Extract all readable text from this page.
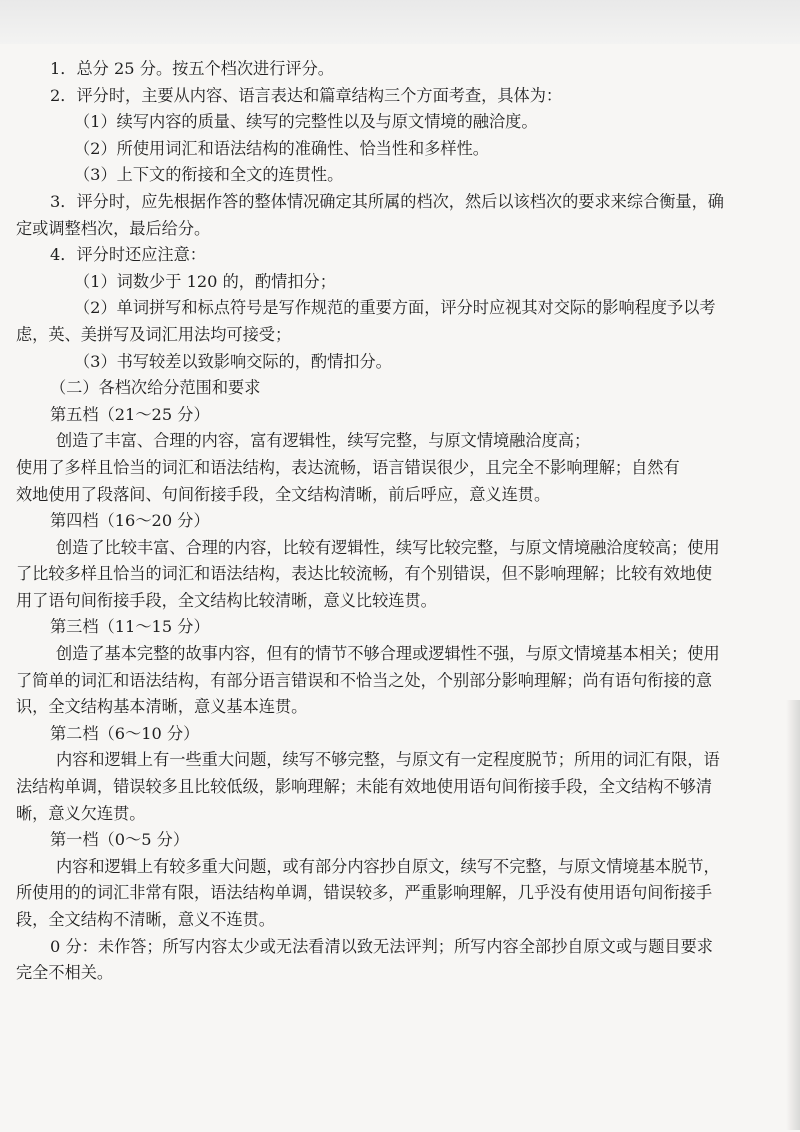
1．总分 25 分。按五个档次进行评分。
2．评分时，主要从内容、语言表达和篇章结构三个方面考查，具体为：
（1）续写内容的质量、续写的完整性以及与原文情境的融洽度。
（2）所使用词汇和语法结构的准确性、恰当性和多样性。
（3）上下文的衔接和全文的连贯性。
3．评分时，应先根据作答的整体情况确定其所属的档次，然后以该档次的要求来综合衡量，确
定或调整档次，最后给分。
4．评分时还应注意：
（1）词数少于 120 的，酌情扣分；
（2）单词拼写和标点符号是写作规范的重要方面，评分时应视其对交际的影响程度予以考
虑，英、美拼写及词汇用法均可接受；
（3）书写较差以致影响交际的，酌情扣分。
（二）各档次给分范围和要求
第五档（21～25 分）
创造了丰富、合理的内容，富有逻辑性，续写完整，与原文情境融洽度高；
使用了多样且恰当的词汇和语法结构，表达流畅，语言错误很少，且完全不影响理解；自然有
效地使用了段落间、句间衔接手段，全文结构清晰，前后呼应，意义连贯。
第四档（16～20 分）
创造了比较丰富、合理的内容，比较有逻辑性，续写比较完整，与原文情境融洽度较高；使用
了比较多样且恰当的词汇和语法结构，表达比较流畅，有个别错误，但不影响理解；比较有效地使
用了语句间衔接手段，全文结构比较清晰，意义比较连贯。
第三档（11～15 分）
创造了基本完整的故事内容，但有的情节不够合理或逻辑性不强，与原文情境基本相关；使用
了简单的词汇和语法结构，有部分语言错误和不恰当之处，个别部分影响理解；尚有语句衔接的意
识，全文结构基本清晰，意义基本连贯。
第二档（6～10 分）
内容和逻辑上有一些重大问题，续写不够完整，与原文有一定程度脱节；所用的词汇有限，语
法结构单调，错误较多且比较低级，影响理解；未能有效地使用语句间衔接手段，全文结构不够清
晰，意义欠连贯。
第一档（0～5 分）
内容和逻辑上有较多重大问题，或有部分内容抄自原文，续写不完整，与原文情境基本脱节，
所使用的的词汇非常有限，语法结构单调，错误较多，严重影响理解，几乎没有使用语句间衔接手
段，全文结构不清晰，意义不连贯。
0 分：未作答；所写内容太少或无法看清以致无法评判；所写内容全部抄自原文或与题目要求
完全不相关。
